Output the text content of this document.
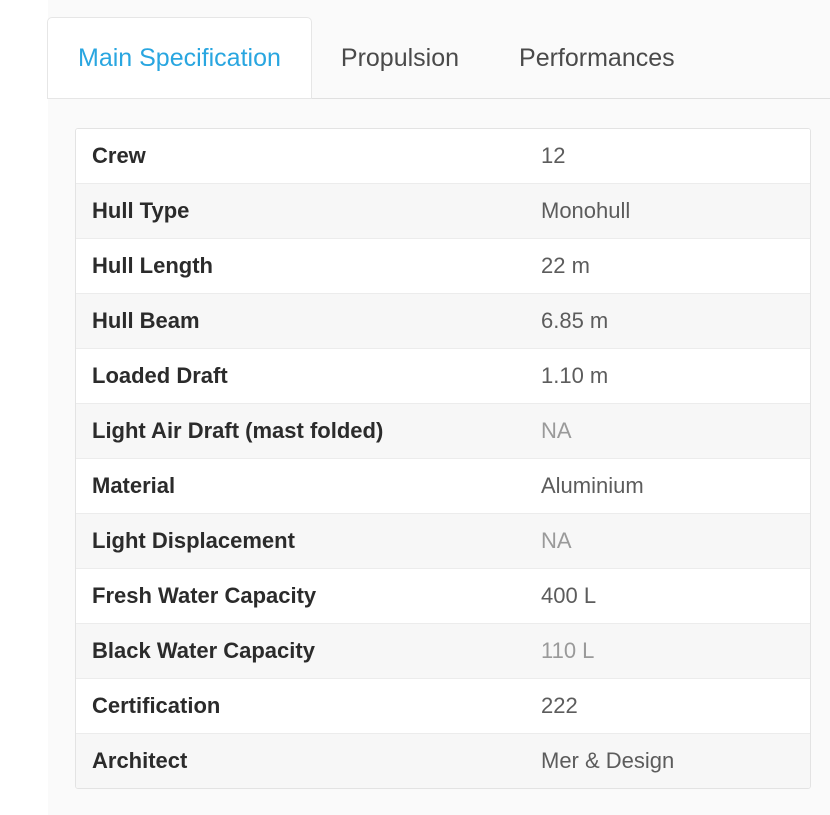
Main Specification Propulsion Performances
Crew	12
Hull Type	Monohull
Hull Length	22 m
Hull Beam	6.85 m
Loaded Draft	1.10 m
Light Air Draft (mast folded)	NA
Material	Aluminium
Light Displacement	NA
Fresh Water Capacity	400 L
Black Water Capacity	110 L
Certification	222
Architect	Mer & Design
